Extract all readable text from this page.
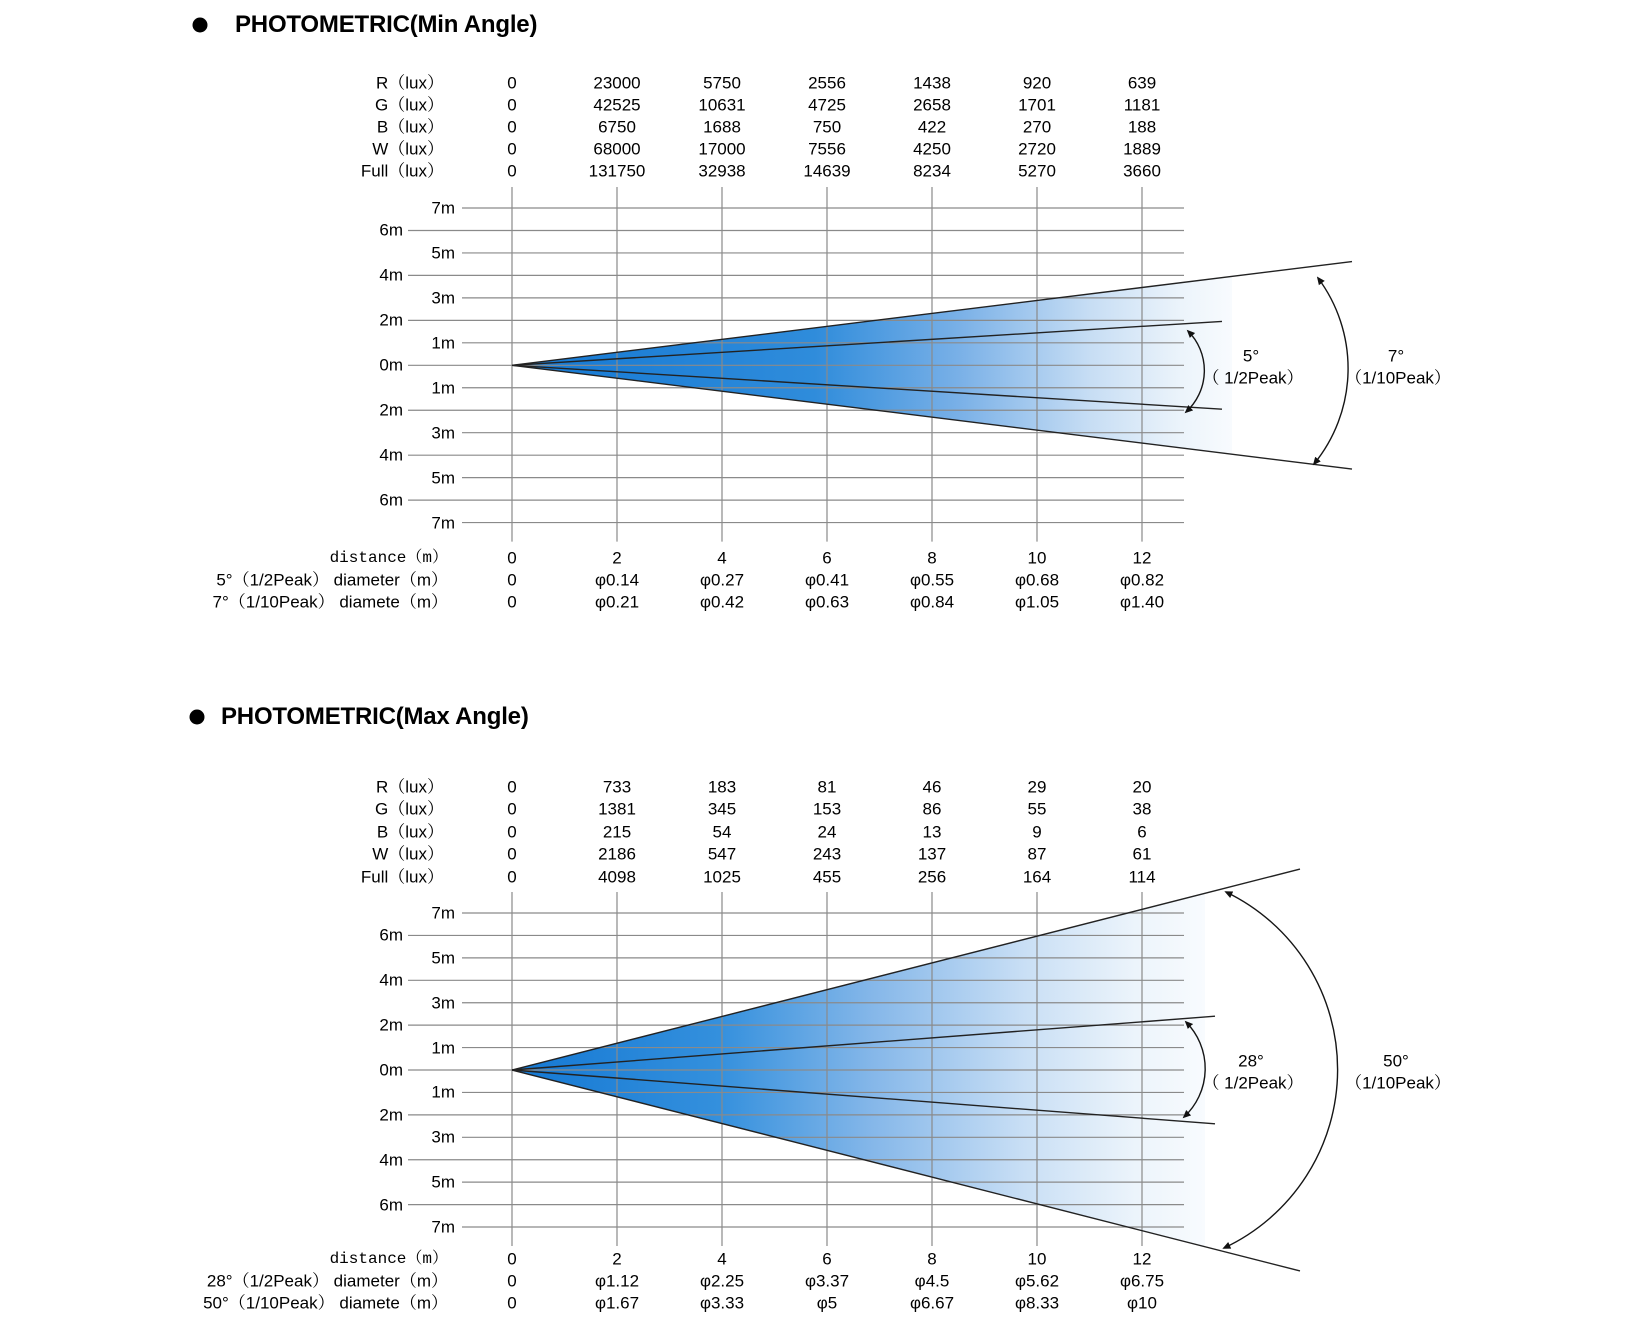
PHOTOMETRIC(Min Angle)
PHOTOMETRIC(Max Angle)
7m
6m
5m
4m
3m
2m
1m
0m
1m
2m
3m
4m
5m
6m
7m
R（lux）	0	23000	5750	2556	1438	920	639
G（lux）	0	42525	10631	4725	2658	1701	1181
B（lux）	0	6750	1688	750	422	270	188
W（lux）	0	68000	17000	7556	4250	2720	1889
Full（lux）	0	131750	32938	14639	8234	5270	3660
5°
（ 1/2Peak）
7°
（1/10Peak）
distance（m）	0	2	4	6	8	10	12
5°（1/2Peak） diameter（m）	0	φ0.14	φ0.27	φ0.41	φ0.55	φ0.68	φ0.82
7°（1/10Peak） diamete（m）	0	φ0.21	φ0.42	φ0.63	φ0.84	φ1.05	φ1.40
7m
6m
5m
4m
3m
2m
1m
0m
1m
2m
3m
4m
5m
6m
7m
R（lux）	0	733	183	81	46	29	20
G（lux）	0	1381	345	153	86	55	38
B（lux）	0	215	54	24	13	9	6
W（lux）	0	2186	547	243	137	87	61
Full（lux）	0	4098	1025	455	256	164	114
28°
（ 1/2Peak）
50°
（1/10Peak）
distance（m）	0	2	4	6	8	10	12
28°（1/2Peak） diameter（m）	0	φ1.12	φ2.25	φ3.37	φ4.5	φ5.62	φ6.75
50°（1/10Peak） diamete（m）	0	φ1.67	φ3.33	φ5	φ6.67	φ8.33	φ10
